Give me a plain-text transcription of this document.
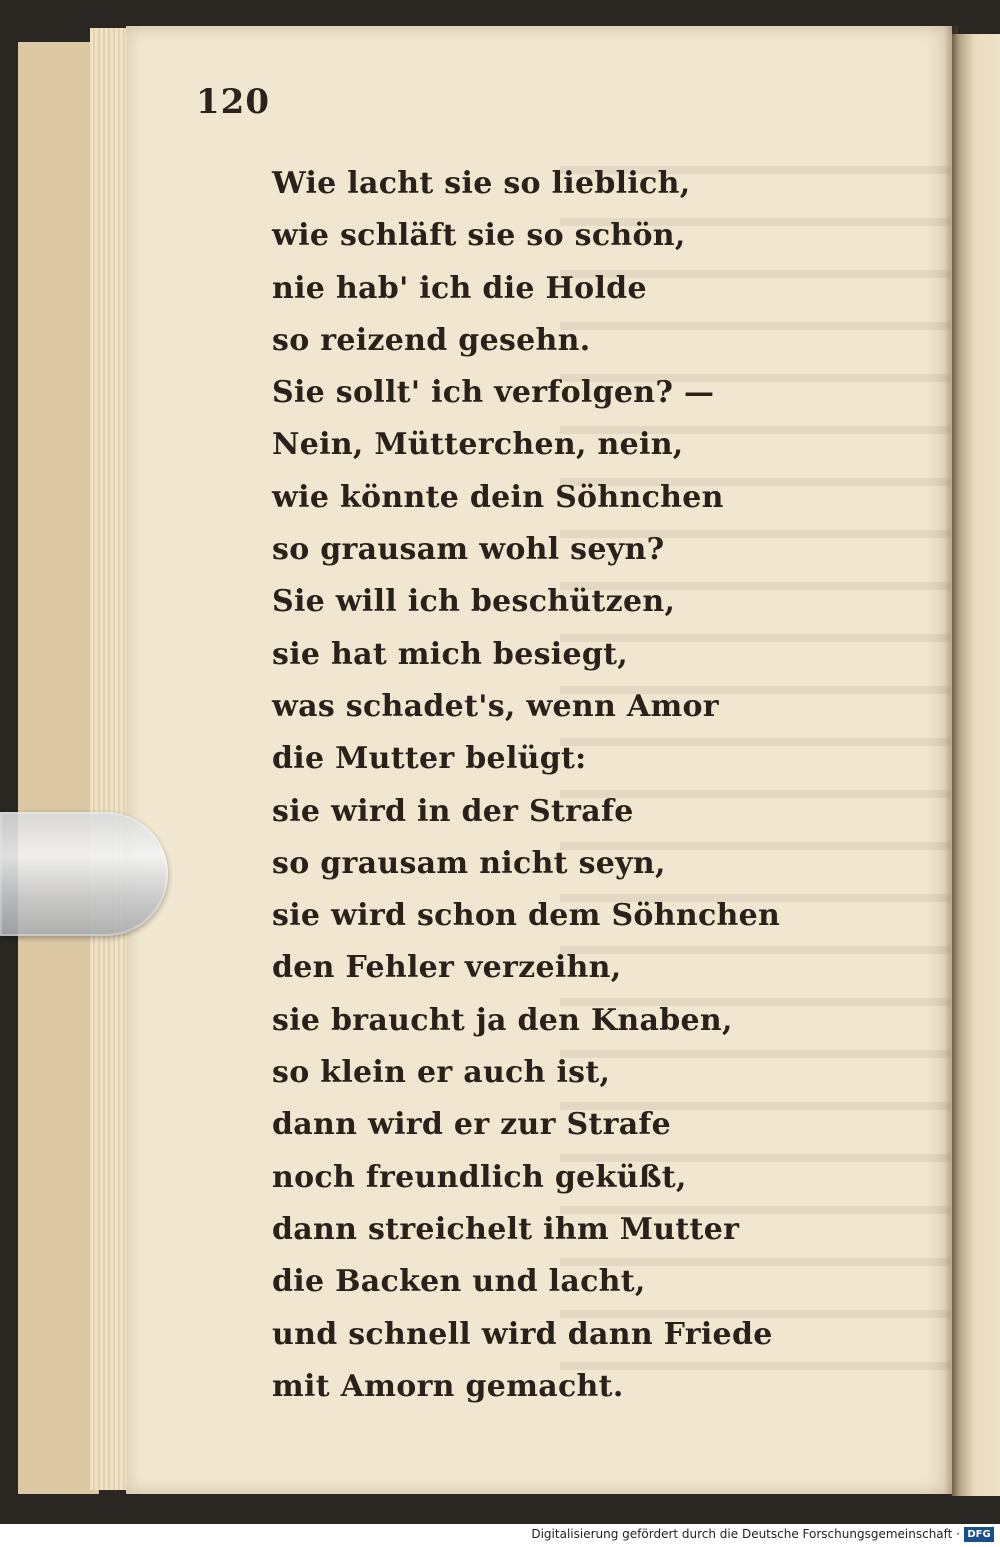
120
Wie lacht sie so lieblich,
wie schläft sie so schön,
nie hab' ich die Holde
so reizend gesehn.
Sie sollt' ich verfolgen? —
Nein, Mütterchen, nein,
wie könnte dein Söhnchen
so grausam wohl seyn?
Sie will ich beschützen,
sie hat mich besiegt,
was schadet's, wenn Amor
die Mutter belügt:
sie wird in der Strafe
so grausam nicht seyn,
sie wird schon dem Söhnchen
den Fehler verzeihn,
sie braucht ja den Knaben,
so klein er auch ist,
dann wird er zur Strafe
noch freundlich geküßt,
dann streichelt ihm Mutter
die Backen und lacht,
und schnell wird dann Friede
mit Amorn gemacht.
Digitalisierung gefördert durch die Deutsche Forschungsgemeinschaft · DFG
